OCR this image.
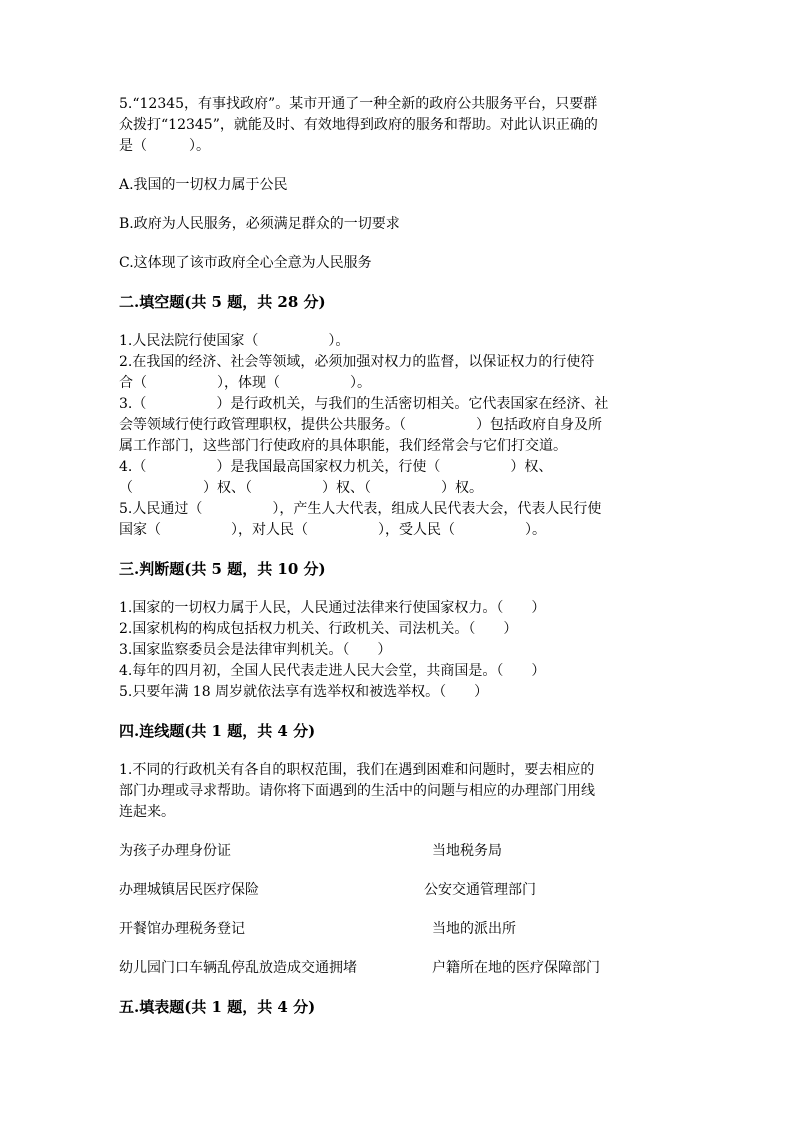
5.“12345，有事找政府”。某市开通了一种全新的政府公共服务平台，只要群

众拨打“12345”，就能及时、有效地得到政府的服务和帮助。对此认识正确的

是（　　　）。

A.我国的一切权力属于公民

B.政府为人民服务，必须满足群众的一切要求

C.这体现了该市政府全心全意为人民服务

二.填空题(共 5 题，共 28 分)

1.人民法院行使国家（　　　　　）。

2.在我国的经济、社会等领域，必须加强对权力的监督，以保证权力的行使符

合（　　　　　），体现（　　　　　）。

3.（　　　　　）是行政机关，与我们的生活密切相关。它代表国家在经济、社

会等领域行使行政管理职权，提供公共服务。（　　　　　）包括政府自身及所

属工作部门，这些部门行使政府的具体职能，我们经常会与它们打交道。

4.（　　　　　）是我国最高国家权力机关，行使（　　　　　）权、

（　　　　　）权、（　　　　　）权、（　　　　　）权。

5.人民通过（　　　　　），产生人大代表，组成人民代表大会，代表人民行使

国家（　　　　　），对人民（　　　　　），受人民（　　　　　）。

三.判断题(共 5 题，共 10 分)

1.国家的一切权力属于人民，人民通过法律来行使国家权力。（　　）

2.国家机构的构成包括权力机关、行政机关、司法机关。（　　）

3.国家监察委员会是法律审判机关。（　　）

4.每年的四月初，全国人民代表走进人民大会堂，共商国是。（　　）

5.只要年满 18 周岁就依法享有选举权和被选举权。（　　）

四.连线题(共 1 题，共 4 分)

1.不同的行政机关有各自的职权范围，我们在遇到困难和问题时，要去相应的

部门办理或寻求帮助。请你将下面遇到的生活中的问题与相应的办理部门用线

连起来。

为孩子办理身份证	当地税务局
办理城镇居民医疗保险	公安交通管理部门
开餐馆办理税务登记	当地的派出所
幼儿园门口车辆乱停乱放造成交通拥堵	户籍所在地的医疗保障部门

五.填表题(共 1 题，共 4 分)
